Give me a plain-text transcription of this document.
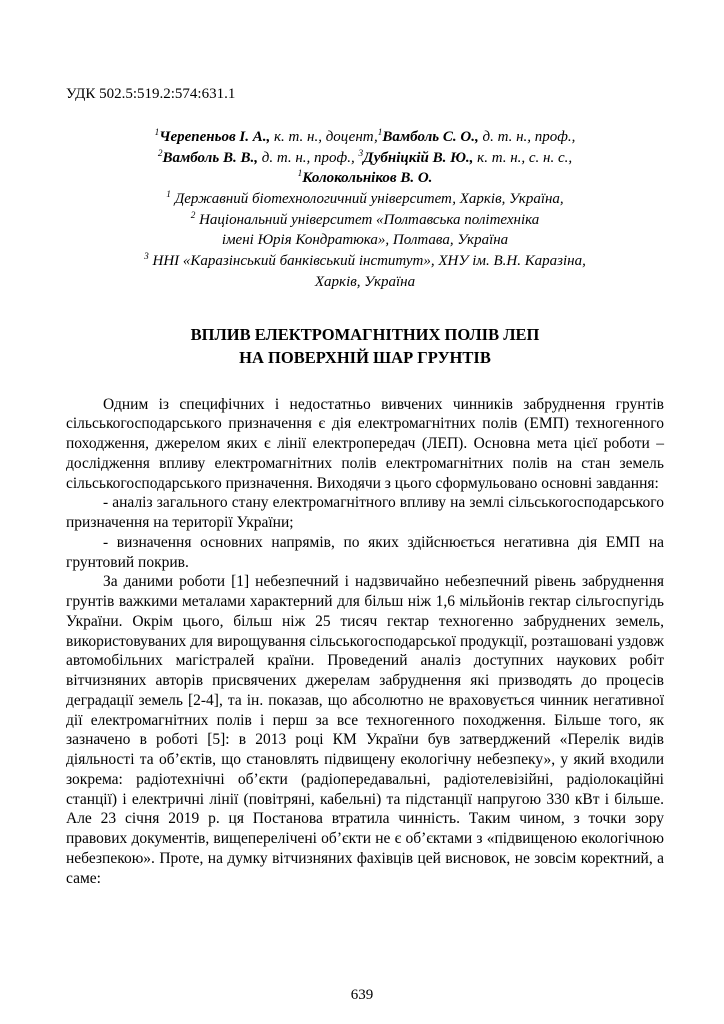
УДК 502.5:519.2:574:631.1

$^1$Черепеньов І. А., к. т. н., доцент,$^1$Вамболь С. О., д. т. н., проф.,

$^2$Вамболь В. В., д. т. н., проф., $^3$Дубніцкій В. Ю., к. т. н., с. н. с.,

$^1$Колокольніков В. О.

$^1$ Державний біотехнологичний університет, Харків, Україна,

$^2$ Національний університет «Полтавська політехніка

імені Юрія Кондратюка», Полтава, Україна

$^3$ ННІ «Каразінський банківський інститут», ХНУ ім. В.Н. Каразіна,

Харків, Україна

ВПЛИВ ЕЛЕКТРОМАГНІТНИХ ПОЛІВ ЛЕП
НА ПОВЕРХНІЙ ШАР ГРУНТІВ

Одним із специфічних і недостатньо вивчених чинників забруднення грунтів сільськогосподарського призначення є дія електромагнітних полів (ЕМП) техногенного походження, джерелом яких є лінії електропередач (ЛЕП). Основна мета цієї роботи – дослідження впливу електромагнітних полів електромагнітних полів на стан земель сільськогосподарського призначення. Виходячи з цього сформульовано основні завдання:

- аналіз загального стану електромагнітного впливу на землі сільськогосподарського призначення на території України;

- визначення основних напрямів, по яких здійснюється негативна дія ЕМП на грунтовий покрив.

За даними роботи [1] небезпечний і надзвичайно небезпечний рівень забруднення грунтів важкими металами характерний для більш ніж 1,6 мільйонів гектар сільгоспугідь України. Окрім цього, більш ніж 25 тисяч гектар техногенно забруднених земель, використовуваних для вирощування сільськогосподарської продукції, розташовані уздовж автомобільних магістралей країни. Проведений аналіз доступних наукових робіт вітчизняних авторів присвячених джерелам забруднення які призводять до процесів деградації земель [2-4], та ін. показав, що абсолютно не враховується чинник негативної дії електромагнітних полів і перш за все техногенного походження. Більше того, як зазначено в роботі [5]: в 2013 році КМ України був затверджений «Перелік видів діяльності та об’єктів, що становлять підвищену екологічну небезпеку», у який входили зокрема: радіотехнічні об’єкти (радіопередавальні, радіотелевізійні, радіолокаційні станції) і електричні лінії (повітряні, кабельні) та підстанції напругою 330 кВт і більше. Але 23 січня 2019 р. ця Постанова втратила чинність. Таким чином, з точки зору правових документів, вищеперелічені об’єкти не є об’єктами з «підвищеною екологічною небезпекою». Проте, на думку вітчизняних фахівців цей висновок, не зовсім коректний, а саме:

639
